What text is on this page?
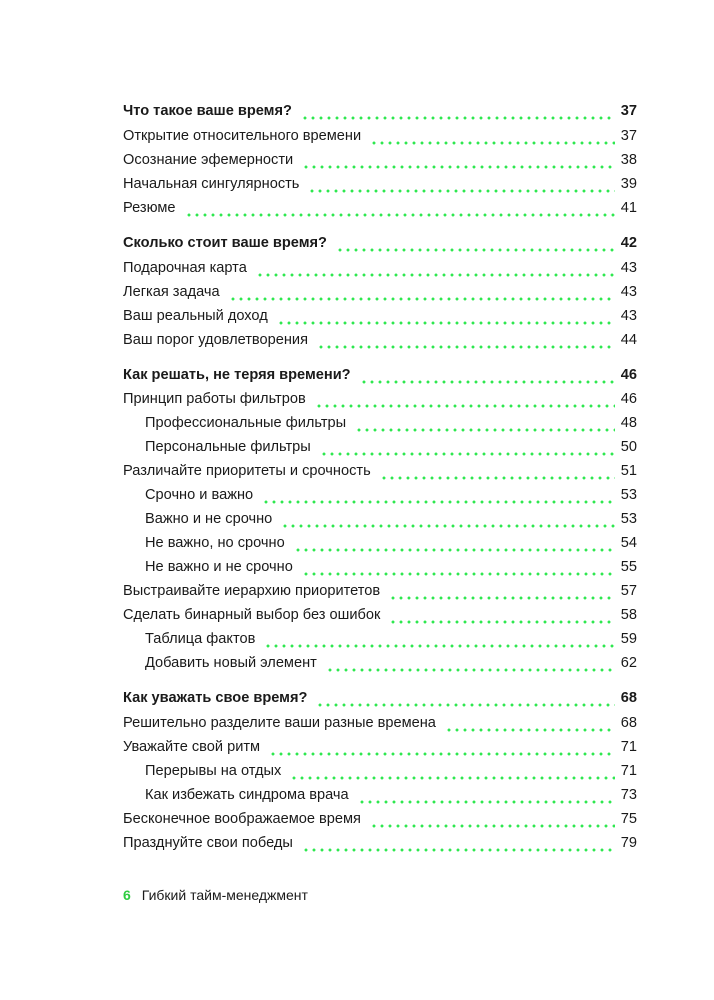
Что такое ваше время?	37
Открытие относительного времени	37
Осознание эфемерности	38
Начальная сингулярность	39
Резюме	41
Сколько стоит ваше время?	42
Подарочная карта	43
Легкая задача	43
Ваш реальный доход	43
Ваш порог удовлетворения	44
Как решать, не теряя времени?	46
Принцип работы фильтров	46
Профессиональные фильтры	48
Персональные фильтры	50
Различайте приоритеты и срочность	51
Срочно и важно	53
Важно и не срочно	53
Не важно, но срочно	54
Не важно и не срочно	55
Выстраивайте иерархию приоритетов	57
Сделать бинарный выбор без ошибок	58
Таблица фактов	59
Добавить новый элемент	62
Как уважать свое время?	68
Решительно разделите ваши разные времена	68
Уважайте свой ритм	71
Перерывы на отдых	71
Как избежать синдрома врача	73
Бесконечное воображаемое время	75
Празднуйте свои победы	79
6 Гибкий тайм-менеджмент
